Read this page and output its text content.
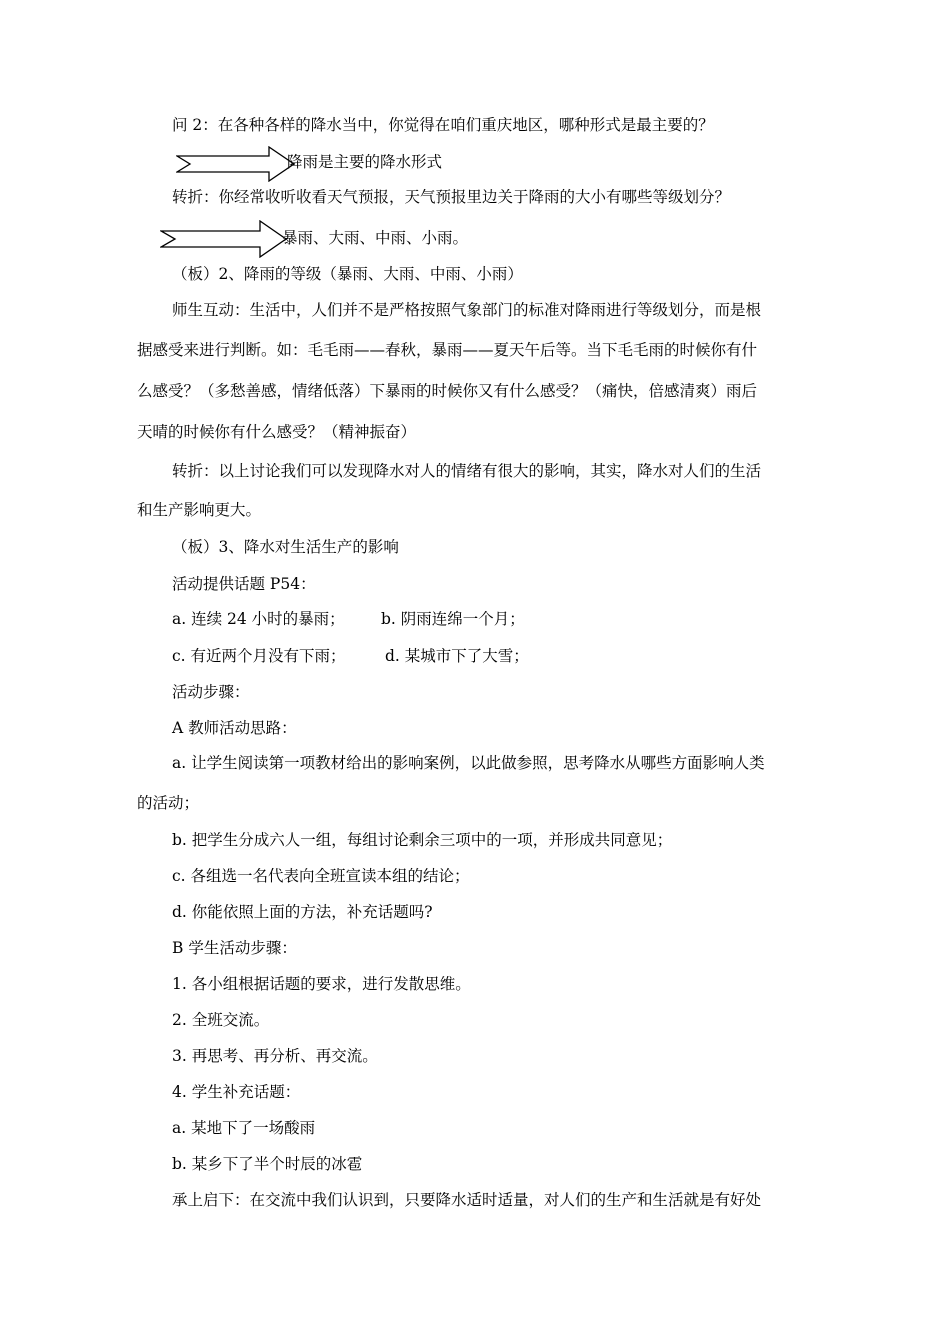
问 2：在各种各样的降水当中，你觉得在咱们重庆地区，哪种形式是最主要的？
降雨是主要的降水形式
转折：你经常收听收看天气预报，天气预报里边关于降雨的大小有哪些等级划分？
暴雨、大雨、中雨、小雨。
（板）2、降雨的等级（暴雨、大雨、中雨、小雨）
师生互动：生活中，人们并不是严格按照气象部门的标准对降雨进行等级划分，而是根
据感受来进行判断。如：毛毛雨——春秋，暴雨——夏天午后等。当下毛毛雨的时候你有什
么感受？（多愁善感，情绪低落）下暴雨的时候你又有什么感受？（痛快，倍感清爽）雨后
天晴的时候你有什么感受？（精神振奋）
转折：以上讨论我们可以发现降水对人的情绪有很大的影响，其实，降水对人们的生活
和生产影响更大。
（板）3、降水对生活生产的影响
活动提供话题 P54：
a. 连续 24 小时的暴雨； b. 阴雨连绵一个月；
c. 有近两个月没有下雨；	d. 某城市下了大雪；
活动步骤：
A 教师活动思路：
a. 让学生阅读第一项教材给出的影响案例，以此做参照，思考降水从哪些方面影响人类
的活动；
b. 把学生分成六人一组，每组讨论剩余三项中的一项，并形成共同意见；
c. 各组选一名代表向全班宣读本组的结论；
d. 你能依照上面的方法，补充话题吗?
B 学生活动步骤：
1. 各小组根据话题的要求，进行发散思维。
2. 全班交流。
3. 再思考、再分析、再交流。
4. 学生补充话题：
a. 某地下了一场酸雨
b. 某乡下了半个时辰的冰雹
承上启下：在交流中我们认识到，只要降水适时适量，对人们的生产和生活就是有好处
